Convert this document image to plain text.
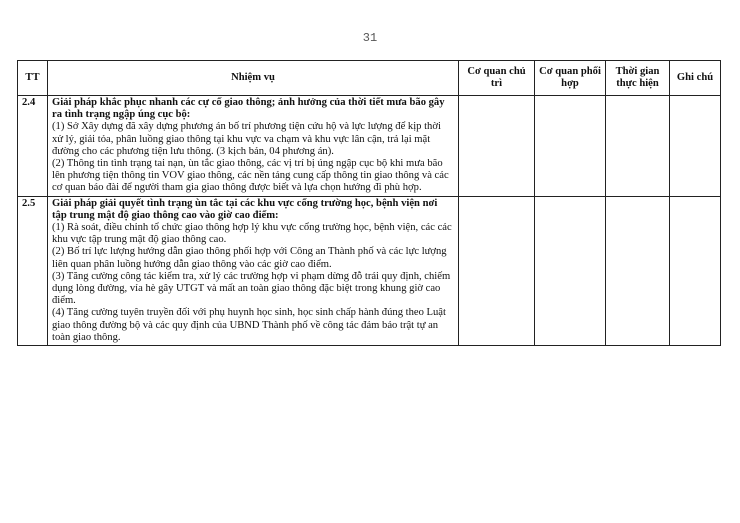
31
TT	Nhiệm vụ	Cơ quan chủ trì	Cơ quan phối hợp	Thời gian thực hiện	Ghi chú
2.4	Giải pháp khắc phục nhanh các cự cố giao thông; ảnh hưởng của thời tiết mưa bão gây ra tình trạng ngập úng cục bộ:
(1) Sở Xây dựng đã xây dựng phương án bố trí phương tiện cứu hộ và lực lượng để kịp thời xử lý, giải tỏa, phân luồng giao thông tại khu vực va chạm và khu vực lân cận, trả lại mặt đường cho các phương tiện lưu thông. (3 kịch bản, 04 phương án).
(2) Thông tin tình trạng tai nạn, ùn tắc giao thông, các vị trí bị úng ngập cục bộ khi mưa bão lên phương tiện thông tin VOV giao thông, các nền tảng cung cấp thông tin giao thông và các cơ quan báo đài để người tham gia giao thông được biết và lựa chọn hướng đi phù hợp.				

2.5	Giải pháp giải quyết tình trạng ùn tắc tại các khu vực cổng trường học, bệnh viện nơi tập trung mật độ giao thông cao vào giờ cao điểm:
(1) Rà soát, điều chỉnh tổ chức giao thông hợp lý khu vực cổng trường học, bệnh viện, các các khu vực tập trung mật độ giao thông cao.
(2) Bố trí lực lượng hướng dẫn giao thông phối hợp với Công an Thành phố và các lực lượng liên quan phân luồng hướng dẫn giao thông vào các giờ cao điểm.
(3) Tăng cường công tác kiểm tra, xử lý các trường hợp vi phạm dừng đỗ trái quy định, chiếm dụng lòng đường, vỉa hè gây UTGT và mất an toàn giao thông đặc biệt trong khung giờ cao điểm.
(4) Tăng cường tuyên truyền đối với phụ huynh học sinh, học sinh chấp hành đúng theo Luật giao thông đường bộ và các quy định của UBND Thành phố về công tác đảm bảo trật tự an toàn giao thông.				
